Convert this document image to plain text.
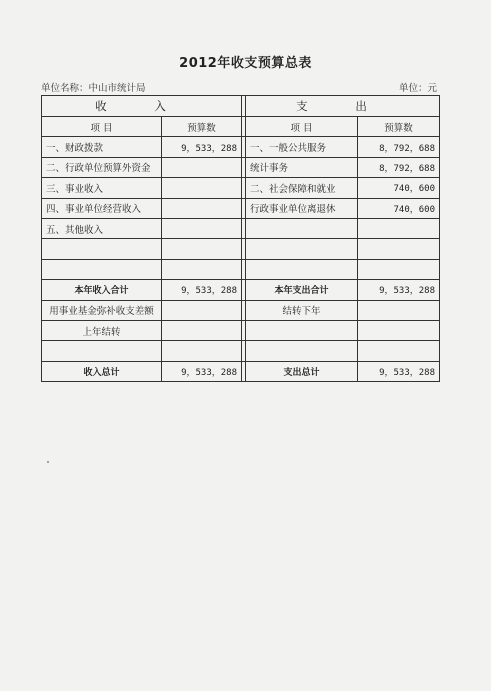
2012年收支预算总表
单位名称：中山市统计局	单位：元
收 入			支 出	
项 目	预算数		项 目	预算数
一、财政拨款	9，533，288		一、一般公共服务	8，792，688
二、行政单位预算外资金			统计事务	8，792，688
三、事业收入			二、社会保障和就业	740，600
四、事业单位经营收入			行政事业单位离退休	740，600
五、其他收入				

本年收入合计	9，533，288		本年支出合计	9，533，288
用事业基金弥补收支差额			结转下年	
上年结转				

收入总计	9，533，288		支出总计	9，533，288
